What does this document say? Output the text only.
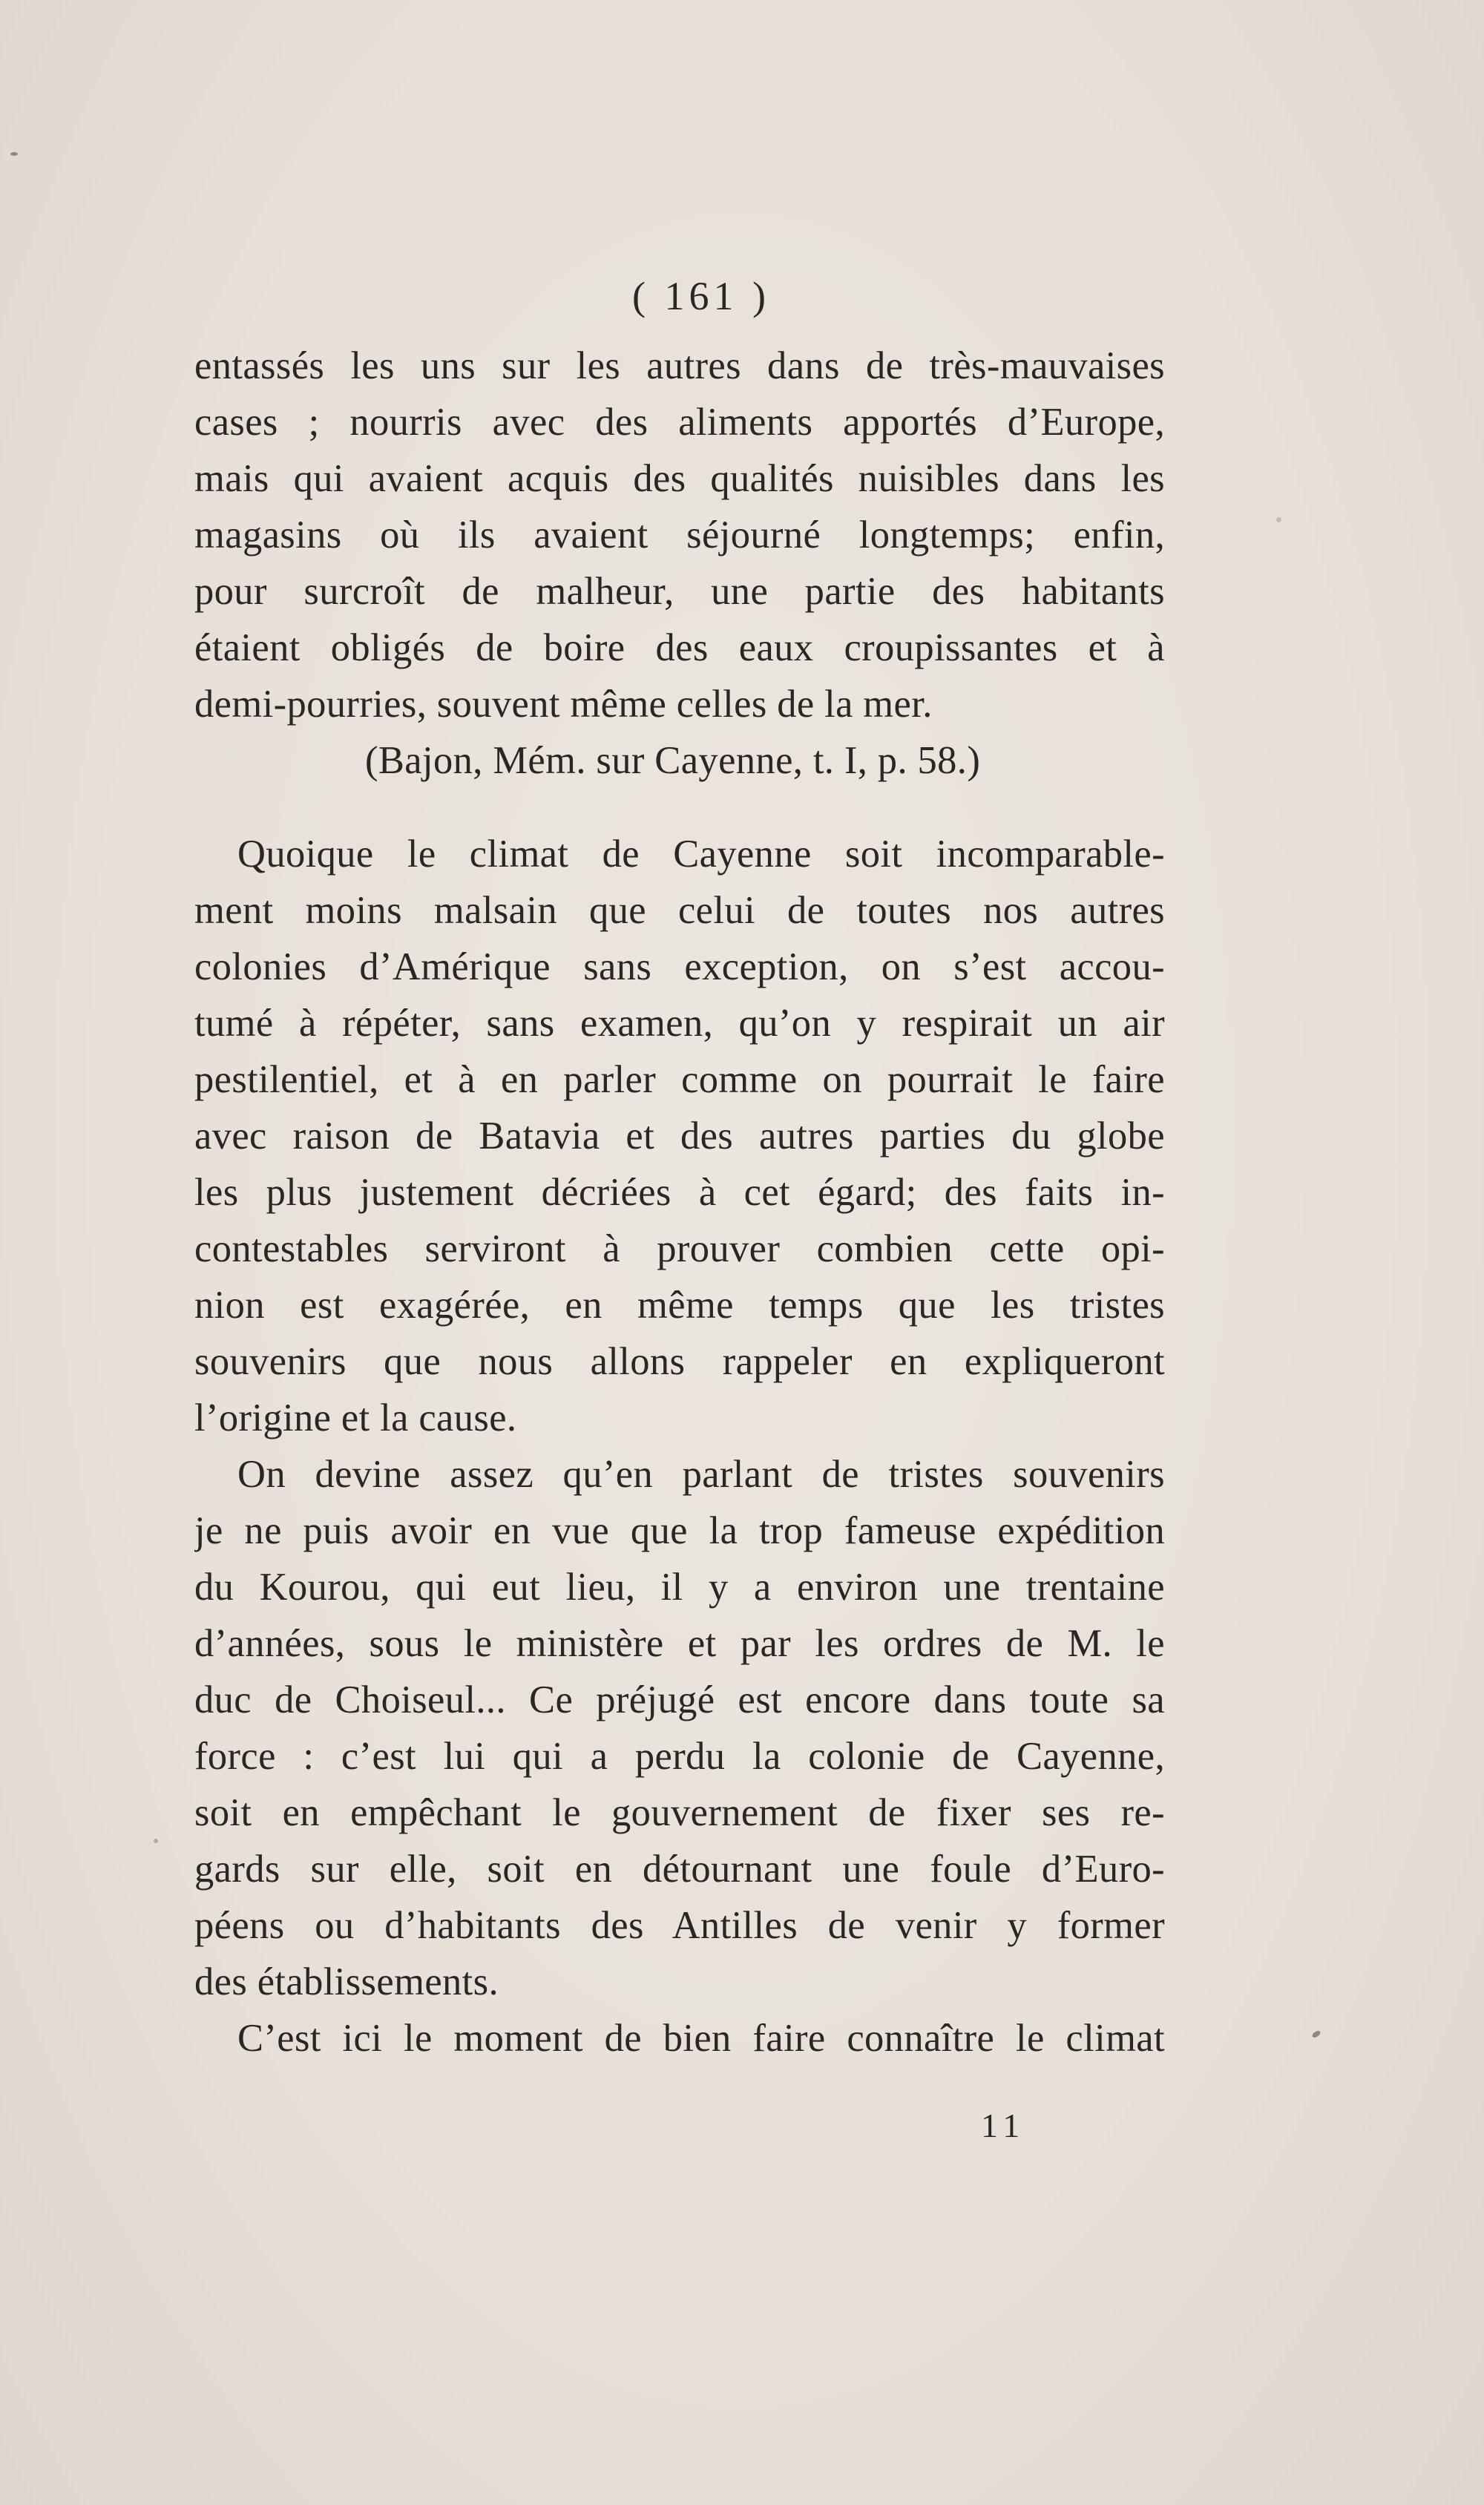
( 161 )
entassés les uns sur les autres dans de très-mauvaises
cases ; nourris avec des aliments apportés d’Europe,
mais qui avaient acquis des qualités nuisibles dans les
magasins où ils avaient séjourné longtemps; enfin,
pour surcroît de malheur, une partie des habitants
étaient obligés de boire des eaux croupissantes et à
demi-pourries, souvent même celles de la mer.
(Bajon, Mém. sur Cayenne, t. I, p. 58.)
Quoique le climat de Cayenne soit incomparable-
ment moins malsain que celui de toutes nos autres
colonies d’Amérique sans exception, on s’est accou-
tumé à répéter, sans examen, qu’on y respirait un air
pestilentiel, et à en parler comme on pourrait le faire
avec raison de Batavia et des autres parties du globe
les plus justement décriées à cet égard; des faits in-
contestables serviront à prouver combien cette opi-
nion est exagérée, en même temps que les tristes
souvenirs que nous allons rappeler en expliqueront
l’origine et la cause.
On devine assez qu’en parlant de tristes souvenirs
je ne puis avoir en vue que la trop fameuse expédition
du Kourou, qui eut lieu, il y a environ une trentaine
d’années, sous le ministère et par les ordres de M. le
duc de Choiseul... Ce préjugé est encore dans toute sa
force : c’est lui qui a perdu la colonie de Cayenne,
soit en empêchant le gouvernement de fixer ses re-
gards sur elle, soit en détournant une foule d’Euro-
péens ou d’habitants des Antilles de venir y former
des établissements.
C’est ici le moment de bien faire connaître le climat
11
